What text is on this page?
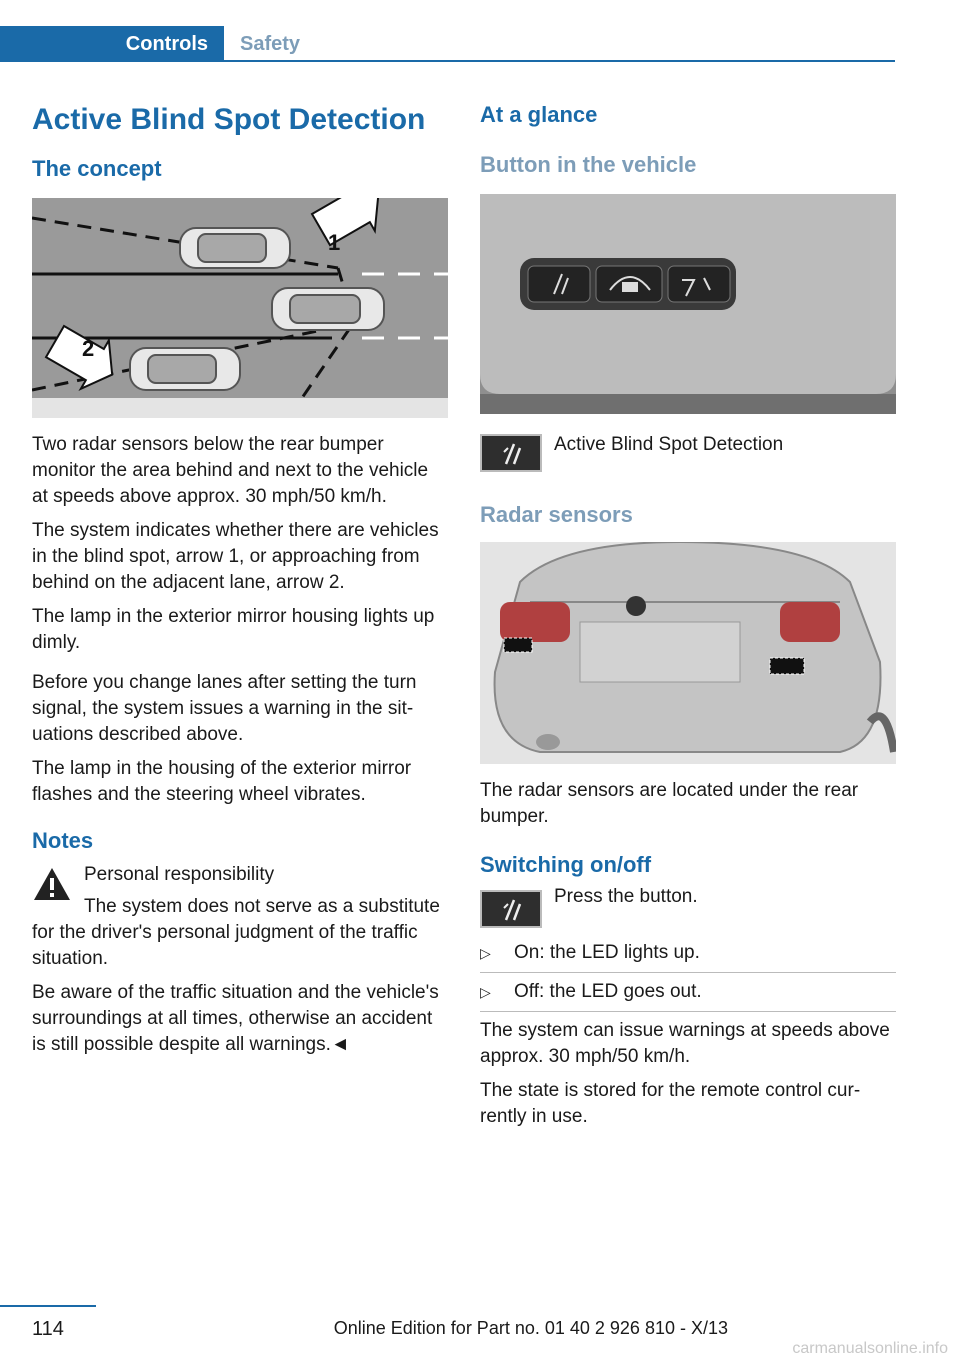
Controls	Safety
Active Blind Spot Detection
The concept
1
2
Two radar sensors below the rear bumper monitor the area behind and next to the vehicle at speeds above approx. 30 mph/50 km/h.
The system indicates whether there are vehicles in the blind spot, arrow 1, or approaching from behind on the adjacent lane, arrow 2.
The lamp in the exterior mirror housing lights up dimly.
Before you change lanes after setting the turn signal, the system issues a warning in the situations described above.
The lamp in the housing of the exterior mirror flashes and the steering wheel vibrates.
Notes
Personal responsibility
The system does not serve as a substitute for the driver's personal judgment of the traffic situation.
Be aware of the traffic situation and the vehicle's surroundings at all times, otherwise an accident is still possible despite all warnings.◄
At a glance
Button in the vehicle
Active Blind Spot Detection
Radar sensors
The radar sensors are located under the rear bumper.
Switching on/off
Press the button.
▷ On: the LED lights up.
▷ Off: the LED goes out.
The system can issue warnings at speeds above approx. 30 mph/50 km/h.
The state is stored for the remote control currently in use.
114	Online Edition for Part no. 01 40 2 926 810 - X/13
carmanualsonline.info
